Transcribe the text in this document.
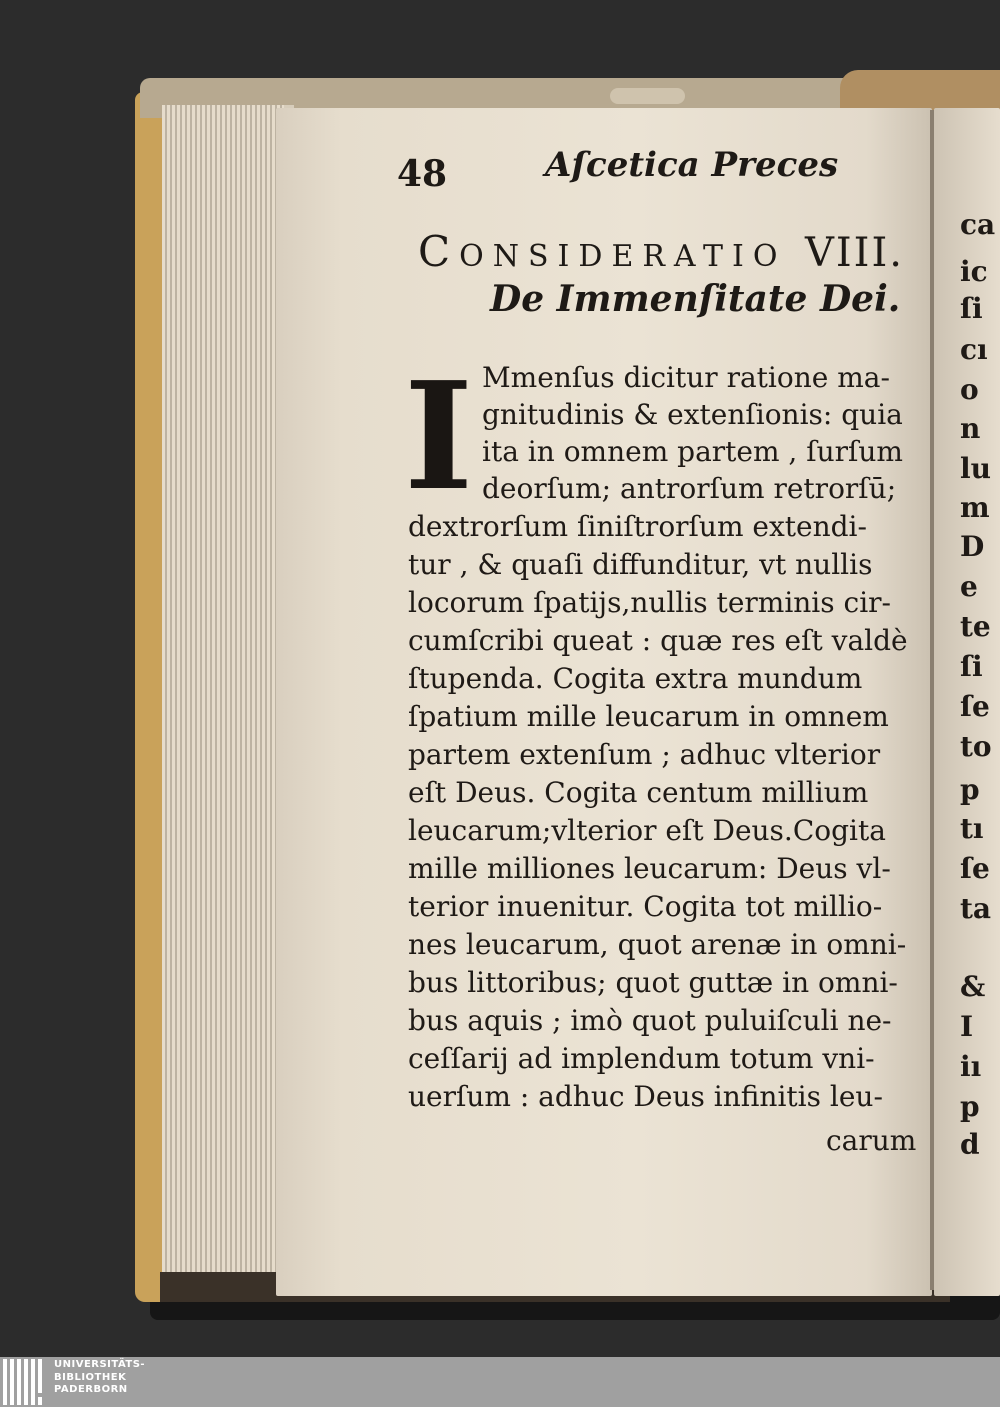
48	Aſcetica Preces
CONSIDERATIO VIII.
De Immenſitate Dei.
I Mmenſus dicitur ratione ma-
gnitudinis & extenſionis: quia
ita in omnem partem , ſurſum
deorſum; antrorſum retrorſū;
dextrorſum ſiniſtrorſum extendi-
tur , & quaſi diffunditur, vt nullis
locorum ſpatijs,nullis terminis cir-
cumſcribi queat : quæ res eſt valdè
ſtupenda. Cogita extra mundum
ſpatium mille leucarum in omnem
partem extenſum ; adhuc vlterior
eſt Deus. Cogita centum millium
leucarum;vlterior eſt Deus.Cogita
mille milliones leucarum: Deus vl-
terior inuenitur. Cogita tot millio-
nes leucarum, quot arenæ in omni-
bus littoribus; quot guttæ in omni-
bus aquis ; imò quot puluiſculi ne-
ceſſarij ad implendum totum vni-
uerſum : adhuc Deus infinitis leu-
carum
ca
ic
ſi
cı
o
n
lu
m
D
e
te
ſi
ſe
to
p
tı
ſe
ta
&
I
iı
p
d
UNIVERSITÄTS-
BIBLIOTHEK
PADERBORN
